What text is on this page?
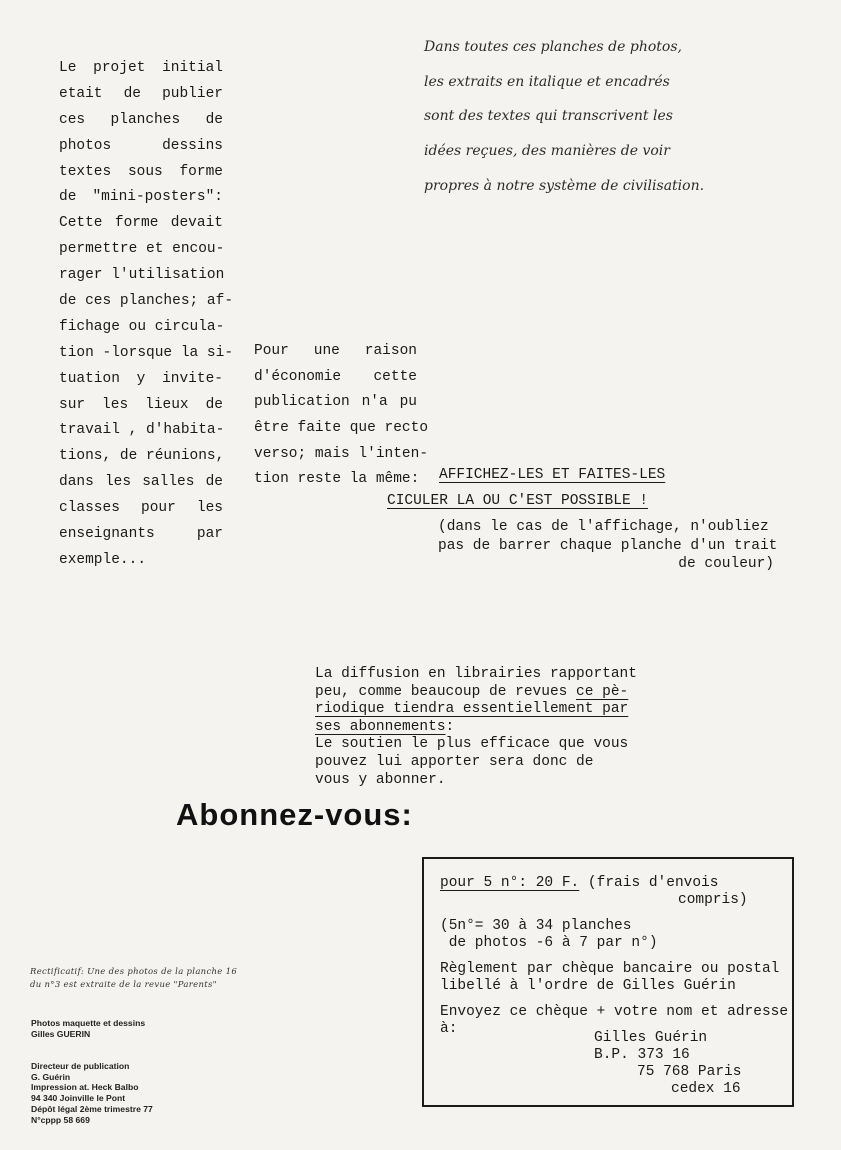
Le projet initial
etait de publier
ces planches de
photos dessins
textes sous forme
de "mini-posters":
Cette forme devait
permettre et encou-
rager l'utilisation
de ces planches; af-
fichage ou circula-
tion -lorsque la si-
tuation y invite-
sur les lieux de
travail , d'habita-
tions, de réunions,
dans les salles de
classes pour les
enseignants par
exemple...
Dans toutes ces planches de photos,
les extraits en italique et encadrés
sont des textes qui transcrivent les
idées reçues, des manières de voir
propres à notre système de civilisation.
Pour une raison
d'économie cette
publication n'a pu
être faite que recto
verso; mais l'inten-
tion reste la même: AFFICHEZ-LES ET FAITES-LES
CICULER LA OU C'EST POSSIBLE !
(dans le cas de l'affichage, n'oubliez
pas de barrer chaque planche d'un trait
de couleur)
La diffusion en librairies rapportant
peu, comme beaucoup de revues ce pè-
riodique tiendra essentiellement par
ses abonnements:
Le soutien le plus efficace que vous
pouvez lui apporter sera donc de
vous y abonner.
Abonnez-vous:
pour 5 n°: 20 F. (frais d'envois
compris)
(5n°= 30 à 34 planches
de photos -6 à 7 par n°)
Règlement par chèque bancaire ou postal
libellé à l'ordre de Gilles Guérin
Envoyez ce chèque + votre nom et adresse
à:
Gilles Guérin
B.P. 373 16
75 768 Paris
cedex 16
Rectificatif: Une des photos de la planche 16
du n°3 est extraite de la revue "Parents"
Photos maquette et dessins
Gilles GUERIN
Directeur de publication
G. Guérin
Impression at. Heck Balbo
94 340 Joinville le Pont
Dépôt légal 2ème trimestre 77
N°cppp 58 669
